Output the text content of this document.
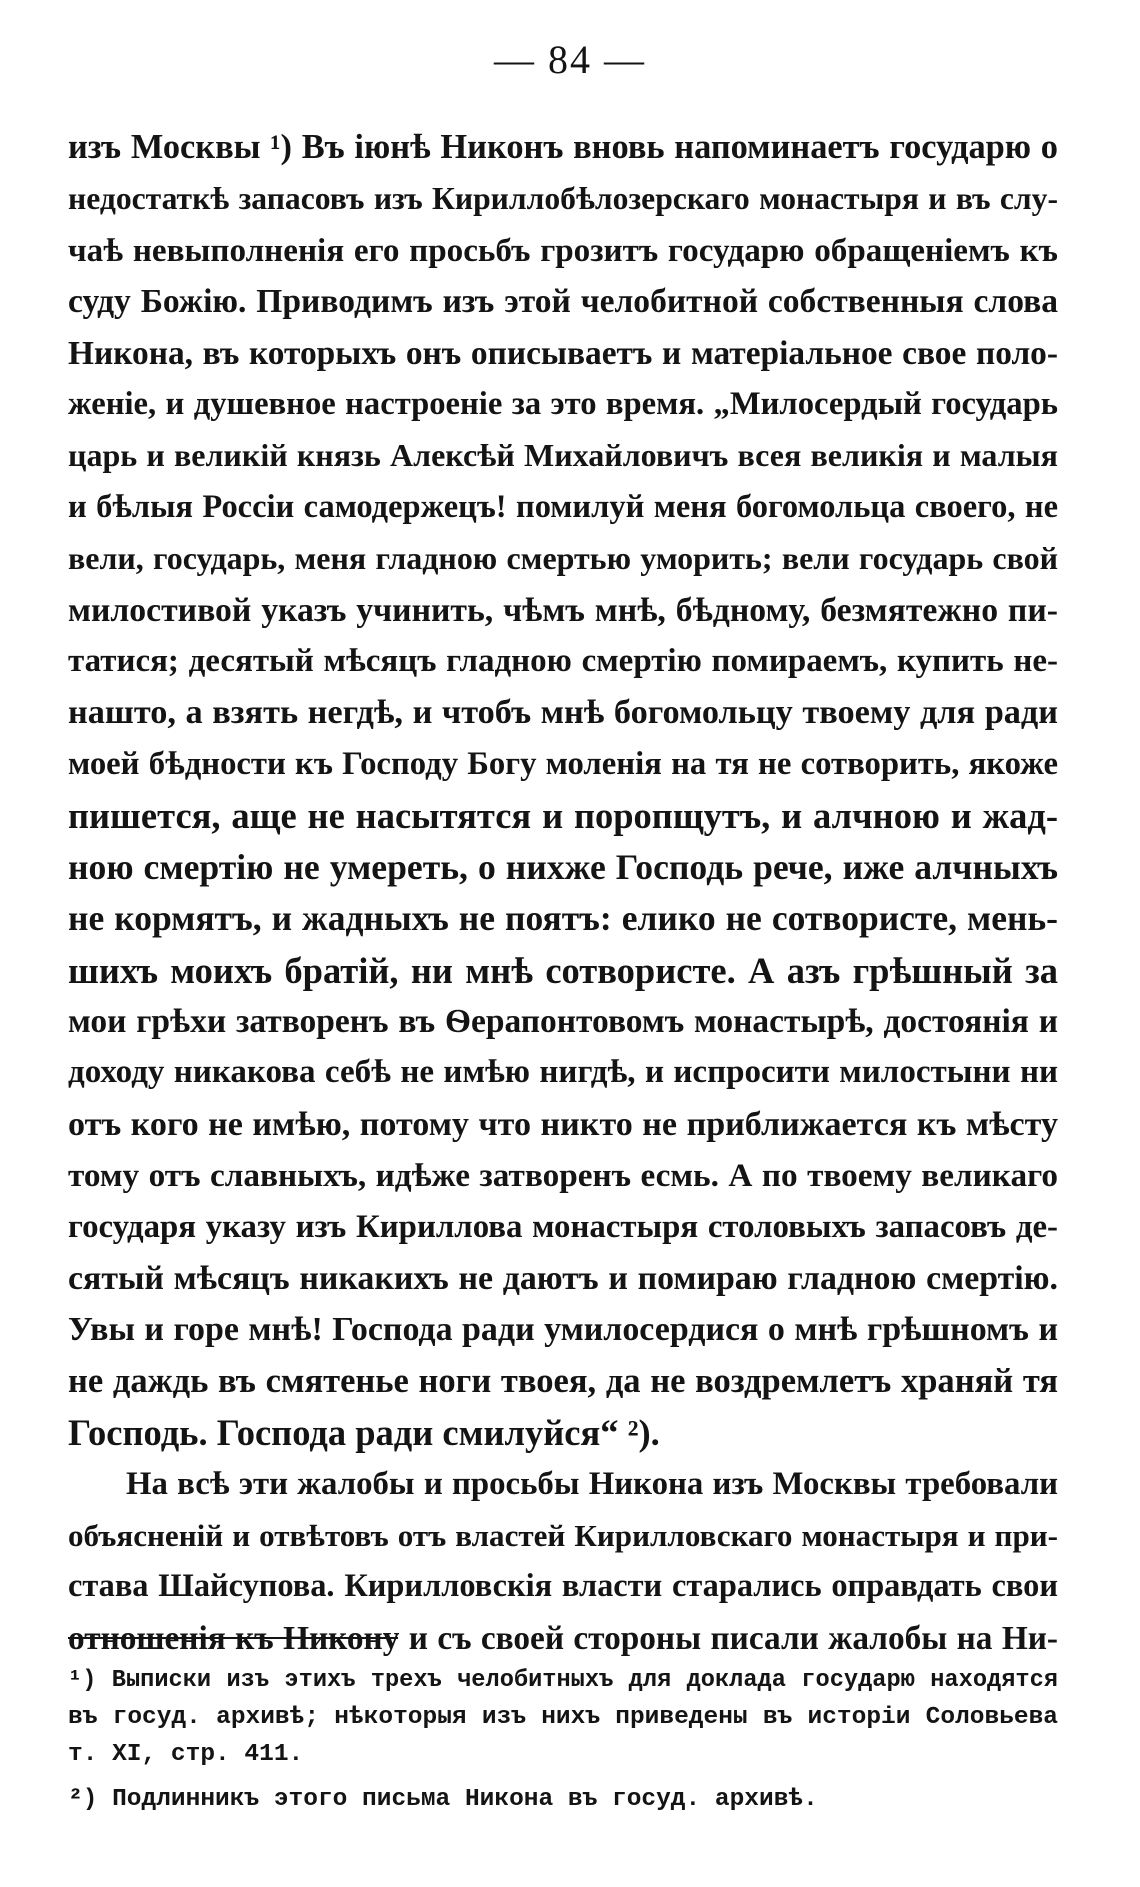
— 84 —
изъ Москвы ¹) Въ іюнѣ Никонъ вновь напоминаетъ государю о
недостаткѣ запасовъ изъ Кириллобѣлозерскаго монастыря и въ слу-
чаѣ невыполненія его просьбъ грозитъ государю обращеніемъ къ
суду Божію. Приводимъ изъ этой челобитной собственныя слова
Никона, въ которыхъ онъ описываетъ и матеріальное свое поло-
женіе, и душевное настроеніе за это время. „Милосердый государь
царь и великій князь Алексѣй Михайловичъ всея великія и малыя
и бѣлыя Россіи самодержецъ! помилуй меня богомольца своего, не
вели, государь, меня гладною смертью уморить; вели государь свой
милостивой указъ учинить, чѣмъ мнѣ, бѣдному, безмятежно пи-
татися; десятый мѣсяцъ гладною смертію помираемъ, купить не-
нашто, а взять негдѣ, и чтобъ мнѣ богомольцу твоему для ради
моей бѣдности къ Господу Богу моленія на тя не сотворить, якоже
пишется, аще не насытятся и поропщутъ, и алчною и жад-
ною смертію не умереть, о нихже Господь рече, иже алчныхъ
не кормятъ, и жадныхъ не поятъ: елико не сотвористе, мень-
шихъ моихъ братій, ни мнѣ сотвористе. А азъ грѣшный за
мои грѣхи затворенъ въ Ѳерапонтовомъ монастырѣ, достоянія и
доходу никакова себѣ не имѣю нигдѣ, и испросити милостыни ни
отъ кого не имѣю, потому что никто не приближается къ мѣсту
тому отъ славныхъ, идѣже затворенъ есмь. А по твоему великаго
государя указу изъ Кириллова монастыря столовыхъ запасовъ де-
сятый мѣсяцъ никакихъ не даютъ и помираю гладною смертію.
Увы и горе мнѣ! Господа ради умилосердися о мнѣ грѣшномъ и
не даждь въ смятенье ноги твоея, да не воздремлетъ храняй тя
Господь. Господа ради смилуйся“ ²).
На всѣ эти жалобы и просьбы Никона изъ Москвы требовали
объясненій и отвѣтовъ отъ властей Кирилловскаго монастыря и при-
става Шайсупова. Кирилловскія власти старались оправдать свои
отношенія къ Никону и съ своей стороны писали жалобы на Ни-
¹) Выписки изъ этихъ трехъ челобитныхъ для доклада государю находятся
въ госуд. архивѣ; нѣкоторыя изъ нихъ приведены въ исторіи Соловьева
т. XI, стр. 411.
²) Подлинникъ этого письма Никона въ госуд. архивѣ.
